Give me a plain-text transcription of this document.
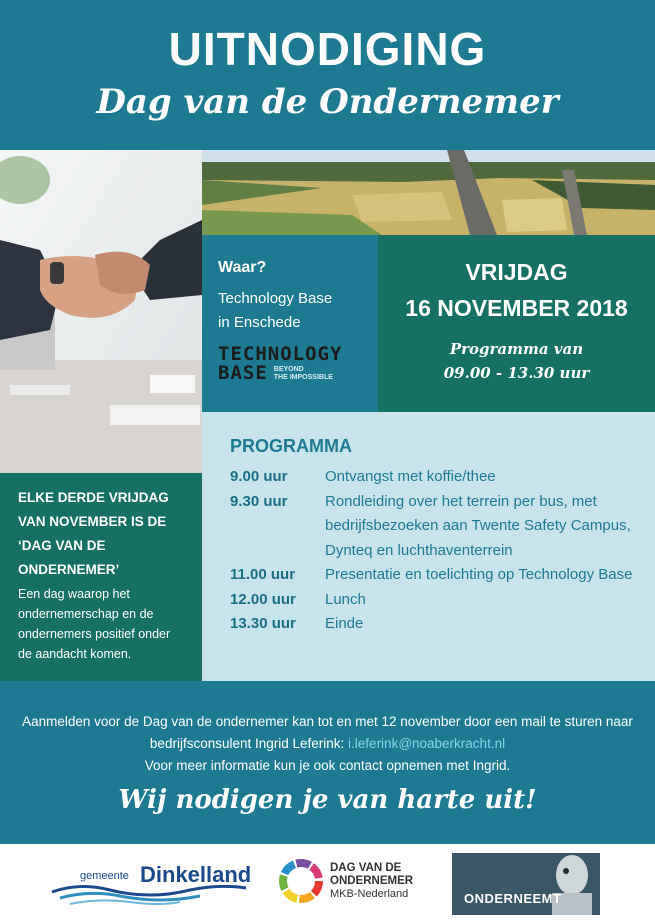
UITNODIGING
Dag van de Ondernemer
Waar?
Technology Base
in Enschede
TECHNOLOGY
BASE BEYOND
THE IMPOSSIBLE
VRIJDAG
16 NOVEMBER 2018
Programma van
09.00 - 13.30 uur
ELKE DERDE VRIJDAG VAN NOVEMBER IS DE ‘DAG VAN DE ONDERNEMER’
Een dag waarop het ondernemerschap en de ondernemers positief onder de aandacht komen.
PROGRAMMA
9.00 uur	Ontvangst met koffie/thee
9.30 uur	Rondleiding over het terrein per bus, met bedrijfsbezoeken aan Twente Safety Campus, Dynteq en luchthaventerrein
11.00 uur	Presentatie en toelichting op Technology Base
12.00 uur	Lunch
13.30 uur	Einde
Aanmelden voor de Dag van de ondernemer kan tot en met 12 november door een mail te sturen naar bedrijfsconsulent Ingrid Leferink: i.leferink@noaberkracht.nl
Voor meer informatie kun je ook contact opnemen met Ingrid.
Wij nodigen je van harte uit!
gemeente Dinkelland	DAG VAN DE
ONDERNEMER
MKB-Nederland	ONDERNEEMT
